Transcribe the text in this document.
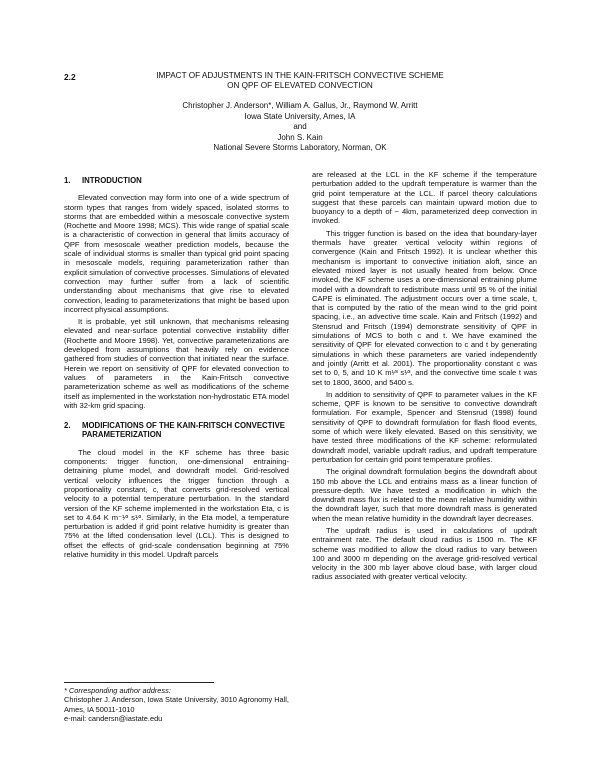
2.2	IMPACT OF ADJUSTMENTS IN THE KAIN-FRITSCH CONVECTIVE SCHEME
ON QPF OF ELEVATED CONVECTION
Christopher J. Anderson*, William A. Gallus, Jr., Raymond W. Arritt
Iowa State University, Ames, IA
and
John S. Kain
National Severe Storms Laboratory, Norman, OK
1.	INTRODUCTION

Elevated convection may form into one of a wide spectrum of storm types that ranges from widely spaced, isolated storms to storms that are embedded within a mesoscale convective system (Rochette and Moore 1998; MCS). This wide range of spatial scale is a characteristic of convection in general that limits accuracy of QPF from mesoscale weather prediction models, because the scale of individual storms is smaller than typical grid point spacing in mesoscale models, requiring parameterization rather than explicit simulation of convective processes. Simulations of elevated convection may further suffer from a lack of scientific understanding about mechanisms that give rise to elevated convection, leading to parameterizations that might be based upon incorrect physical assumptions.

It is probable, yet still unknown, that mechanisms releasing elevated and near-surface potential convective instability differ (Rochette and Moore 1998). Yet, convective parameterizations are developed from assumptions that heavily rely on evidence gathered from studies of convection that initiated near the surface. Herein we report on sensitivity of QPF for elevated convection to values of parameters in the Kain-Fritsch convective parameterization scheme as well as modifications of the scheme itself as implemented in the workstation non-hydrostatic ETA model with 32-km grid spacing.

2.	MODIFICATIONS OF THE KAIN-FRITSCH CONVECTIVE PARAMETERIZATION

The cloud model in the KF scheme has three basic components: trigger function, one-dimensional entraining-detraining plume model, and downdraft model. Grid-resolved vertical velocity influences the trigger function through a proportionality constant, c, that converts grid-resolved vertical velocity to a potential temperature perturbation. In the standard version of the KF scheme implemented in the workstation Eta, c is set to 4.64 K m⁻¹⁄³ s¹⁄³. Similarly, in the Eta model, a temperature perturbation is added if grid point relative humidity is greater than 75% at the lifted condensation level (LCL). This is designed to offset the effects of grid-scale condensation beginning at 75% relative humidity in this model. Updraft parcels

* Corresponding author address:
Christopher J. Anderson, Iowa State University, 3010 Agronomy Hall, Ames, IA 50011-1010
e-mail: candersn@iastate.edu

are released at the LCL in the KF scheme if the temperature perturbation added to the updraft temperature is warmer than the grid point temperature at the LCL. If parcel theory calculations suggest that these parcels can maintain upward motion due to buoyancy to a depth of ~ 4km, parameterized deep convection in invoked.

This trigger function is based on the idea that boundary-layer thermals have greater vertical velocity within regions of convergence (Kain and Fritsch 1992). It is unclear whether this mechanism is important to convective initiation aloft, since an elevated mixed layer is not usually heated from below. Once invoked, the KF scheme uses a one-dimensional entraining plume model with a downdraft to redistribute mass until 95 % of the initial CAPE is eliminated. The adjustment occurs over a time scale, t, that is computed by the ratio of the mean wind to the grid point spacing, i.e., an advective time scale. Kain and Fritsch (1992) and Stensrud and Fritsch (1994) demonstrate sensitivity of QPF in simulations of MCS to both c and t. We have examined the sensitivity of QPF for elevated convection to c and t by generating simulations in which these parameters are varied independently and jointly (Arritt et al. 2001). The proportionality constant c was set to 0, 5, and 10 K m¹⁄³ s¹⁄³, and the convective time scale t was set to 1800, 3600, and 5400 s.

In addition to sensitivity of QPF to parameter values in the KF scheme, QPF is known to be sensitive to convective downdraft formulation. For example, Spencer and Stensrud (1998) found sensitivity of QPF to downdraft formulation for flash flood events, some of which were likely elevated. Based on this sensitivity, we have tested three modifications of the KF scheme: reformulated downdraft model, variable updraft radius, and updraft temperature perturbation for certain grid point temperature profiles.

The original downdraft formulation begins the downdraft about 150 mb above the LCL and entrains mass as a linear function of pressure-depth. We have tested a modification in which the downdraft mass flux is related to the mean relative humidity within the downdraft layer, such that more downdraft mass is generated when the mean relative humidity in the downdraft layer decreases.

The updraft radius is used in calculations of updraft entrainment rate. The default cloud radius is 1500 m. The KF scheme was modified to allow the cloud radius to vary between 100 and 3000 m depending on the average grid-resolved vertical velocity in the 300 mb layer above cloud base, with larger cloud radius associated with greater vertical velocity.
